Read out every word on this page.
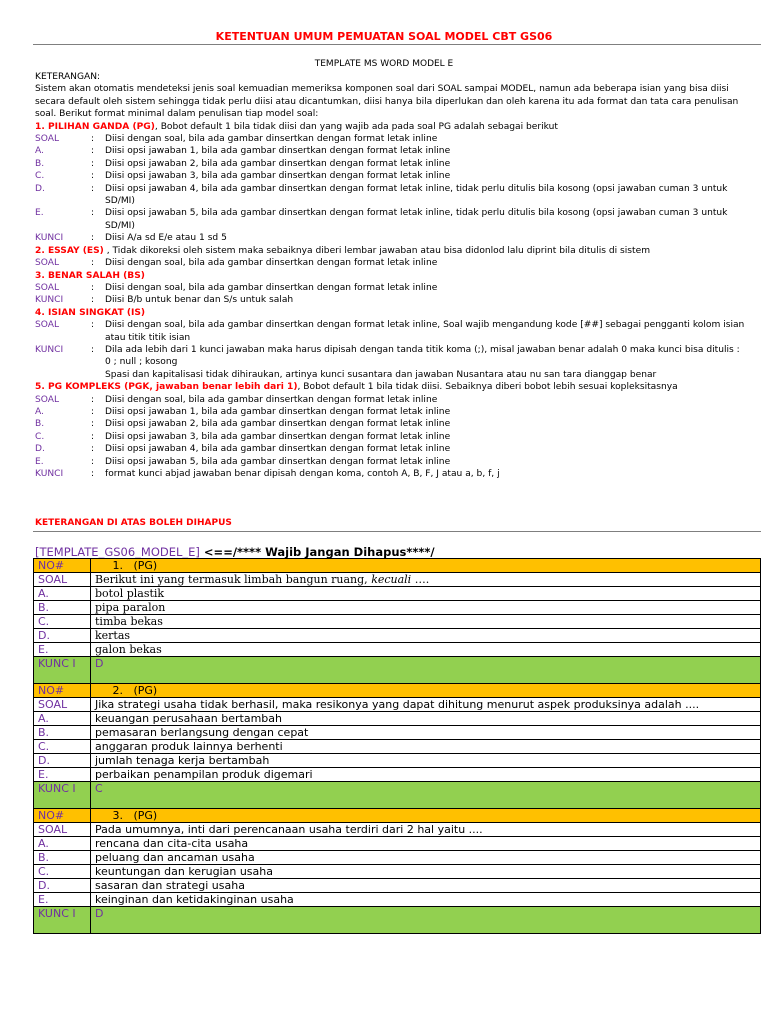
KETENTUAN UMUM PEMUATAN SOAL MODEL CBT GS06
TEMPLATE MS WORD MODEL E

KETERANGAN:

Sistem akan otomatis mendeteksi jenis soal kemuadian memeriksa komponen soal dari SOAL sampai MODEL, namun ada beberapa isian yang bisa diisi secara default oleh sistem sehingga tidak perlu diisi atau dicantumkan, diisi hanya bila diperlukan dan oleh karena itu ada format dan tata cara penulisan soal. Berikut format minimal dalam penulisan tiap model soal:

1. PILIHAN GANDA (PG), Bobot default 1 bila tidak diisi dan yang wajib ada pada soal PG adalah sebagai berikut

SOAL	:	Diisi dengan soal, bila ada gambar dinsertkan dengan format letak inline
A.	:	Diisi opsi jawaban 1, bila ada gambar dinsertkan dengan format letak inline
B.	:	Diisi opsi jawaban 2, bila ada gambar dinsertkan dengan format letak inline
C.	:	Diisi opsi jawaban 3, bila ada gambar dinsertkan dengan format letak inline
D.	:	Diisi opsi jawaban 4, bila ada gambar dinsertkan dengan format letak inline, tidak perlu ditulis bila kosong (opsi jawaban cuman 3 untuk SD/MI)
E.	:	Diisi opsi jawaban 5, bila ada gambar dinsertkan dengan format letak inline, tidak perlu ditulis bila kosong (opsi jawaban cuman 3 untuk SD/MI)
KUNCI	:	Diisi A/a sd E/e atau 1 sd 5

2. ESSAY (ES) , Tidak dikoreksi oleh sistem maka sebaiknya diberi lembar jawaban atau bisa didonlod lalu diprint bila ditulis di sistem

SOAL	:	Diisi dengan soal, bila ada gambar dinsertkan dengan format letak inline

3. BENAR SALAH (BS)

SOAL	:	Diisi dengan soal, bila ada gambar dinsertkan dengan format letak inline
KUNCI	:	Diisi B/b untuk benar dan S/s untuk salah

4. ISIAN SINGKAT (IS)

SOAL	:	Diisi dengan soal, bila ada gambar dinsertkan dengan format letak inline, Soal wajib mengandung kode [##] sebagai pengganti kolom isian atau titik titik isian
KUNCI	:	Dila ada lebih dari 1 kunci jawaban maka harus dipisah dengan tanda titik koma (;), misal jawaban benar adalah 0 maka kunci bisa ditulis :
0 ; null ; kosong
Spasi dan kapitalisasi tidak dihiraukan, artinya kunci susantara dan jawaban Nusantara atau nu san tara dianggap benar

5. PG KOMPLEKS (PGK, jawaban benar lebih dari 1), Bobot default 1 bila tidak diisi. Sebaiknya diberi bobot lebih sesuai kopleksitasnya

SOAL	:	Diisi dengan soal, bila ada gambar dinsertkan dengan format letak inline
A.	:	Diisi opsi jawaban 1, bila ada gambar dinsertkan dengan format letak inline
B.	:	Diisi opsi jawaban 2, bila ada gambar dinsertkan dengan format letak inline
C.	:	Diisi opsi jawaban 3, bila ada gambar dinsertkan dengan format letak inline
D.	:	Diisi opsi jawaban 4, bila ada gambar dinsertkan dengan format letak inline
E.	:	Diisi opsi jawaban 5, bila ada gambar dinsertkan dengan format letak inline
KUNCI	:	format kunci abjad jawaban benar dipisah dengan koma, contoh A, B, F, J atau a, b, f, j
KETERANGAN DI ATAS BOLEH DIHAPUS
[TEMPLATE_GS06_MODEL_E] <==/**** Wajib Jangan Dihapus****/
NO#	1.   (PG)
SOAL	Berikut ini yang termasuk limbah bangun ruang, kecuali ….
A.	botol plastik
B.	pipa paralon
C.	timba bekas
D.	kertas
E.	galon bekas
KUNC I	D
NO#	2.   (PG)
SOAL	Jika strategi usaha tidak berhasil, maka resikonya yang dapat dihitung menurut aspek produksinya adalah ....
A.	keuangan perusahaan bertambah
B.	pemasaran berlangsung dengan cepat
C.	anggaran produk lainnya berhenti
D.	jumlah tenaga kerja bertambah
E.	perbaikan penampilan produk digemari
KUNC I	C
NO#	3.   (PG)
SOAL	Pada umumnya, inti dari perencanaan usaha terdiri dari 2 hal yaitu ....
A.	rencana dan cita-cita usaha
B.	peluang dan ancaman usaha
C.	keuntungan dan kerugian usaha
D.	sasaran dan strategi usaha
E.	keinginan dan ketidakinginan usaha
KUNC I	D
